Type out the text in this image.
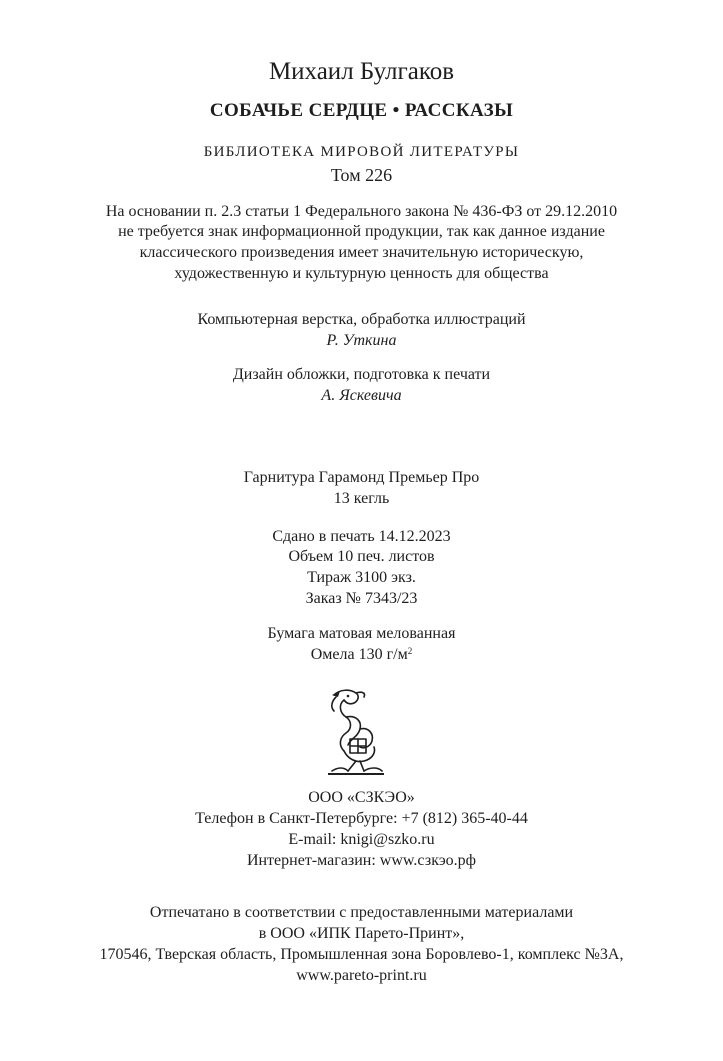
Михаил Булгаков
СОБАЧЬЕ СЕРДЦЕ • РАССКАЗЫ
БИБЛИОТЕКА МИРОВОЙ ЛИТЕРАТУРЫ
Том 226
На основании п. 2.3 статьи 1 Федерального закона № 436-ФЗ от 29.12.2010
не требуется знак информационной продукции, так как данное издание
классического произведения имеет значительную историческую,
художественную и культурную ценность для общества
Компьютерная верстка, обработка иллюстраций
Р. Уткина
Дизайн обложки, подготовка к печати
А. Яскевича
Гарнитура Гарамонд Премьер Про
13 кегль
Сдано в печать 14.12.2023
Объем 10 печ. листов
Тираж 3100 экз.
Заказ № 7343/23
Бумага матовая мелованная
Омела 130 $г/м^2$
ООО «СЗКЭО»
Телефон в Санкт-Петербурге: +7 (812) 365-40-44
E-mail: knigi@szko.ru
Интернет-магазин: www.сзкэо.рф
Отпечатано в соответствии с предоставленными материалами
в ООО «ИПК Парето-Принт»,
170546, Тверская область, Промышленная зона Боровлево-1, комплекс №3А,
www.pareto-print.ru
